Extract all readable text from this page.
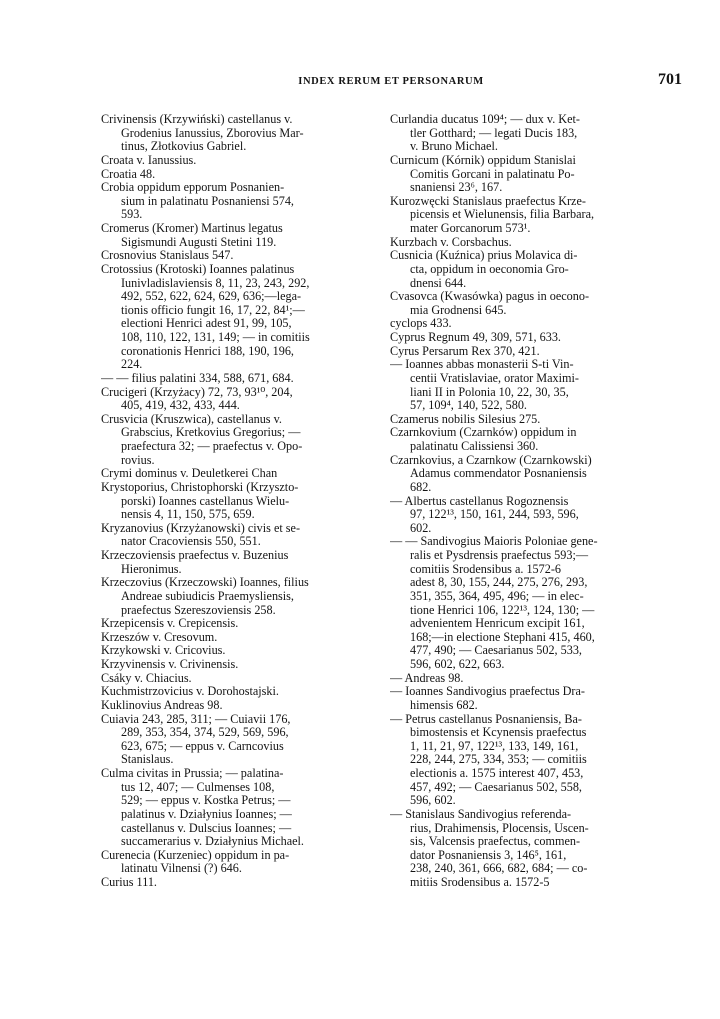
INDEX RERUM ET PERSONARUM	701
Crivinensis (Krzywiński) castellanus v.
Grodenius Ianussius, Zborovius Mar-
tinus, Złotkovius Gabriel.
Croata v. Ianussius.
Croatia 48.
Crobia oppidum epporum Posnanien-
sium in palatinatu Posnaniensi 574,
593.
Cromerus (Kromer) Martinus legatus
Sigismundi Augusti Stetini 119.
Crosnovius Stanislaus 547.
Crotossius (Krotoski) Ioannes palatinus
Iunivladislaviensis 8, 11, 23, 243, 292,
492, 552, 622, 624, 629, 636;—lega-
tionis officio fungit 16, 17, 22, 84¹;—
electioni Henrici adest 91, 99, 105,
108, 110, 122, 131, 149; — in comitiis
coronationis Henrici 188, 190, 196,
224.
— — filius palatini 334, 588, 671, 684.
Crucigeri (Krzyżacy) 72, 73, 93¹⁰, 204,
405, 419, 432, 433, 444.
Crusvicia (Kruszwica), castellanus v.
Grabscius, Kretkovius Gregorius; —
praefectura 32; — praefectus v. Opo-
rovius.
Crymi dominus v. Deuletkerei Chan
Krystoporius, Christophorski (Krzyszto-
porski) Ioannes castellanus Wielu-
nensis 4, 11, 150, 575, 659.
Kryzanovius (Krzyżanowski) civis et se-
nator Cracoviensis 550, 551.
Krzeczoviensis praefectus v. Buzenius
Hieronimus.
Krzeczovius (Krzeczowski) Ioannes, filius
Andreae subiudicis Praemysliensis,
praefectus Szereszoviensis 258.
Krzepicensis v. Crepicensis.
Krzeszów v. Cresovum.
Krzykowski v. Cricovius.
Krzyvinensis v. Crivinensis.
Csáky v. Chiacius.
Kuchmistrzovicius v. Dorohostajski.
Kuklinovius Andreas 98.
Cuiavia 243, 285, 311; — Cuiavii 176,
289, 353, 354, 374, 529, 569, 596,
623, 675; — eppus v. Carncovius
Stanislaus.
Culma civitas in Prussia; — palatina-
tus 12, 407; — Culmenses 108,
529; — eppus v. Kostka Petrus; —
palatinus v. Działynius Ioannes; —
castellanus v. Dulscius Ioannes; —
succamerarius v. Działynius Michael.
Curenecia (Kurzeniec) oppidum in pa-
latinatu Vilnensi (?) 646.
Curius 111.
Curlandia ducatus 109⁴; — dux v. Ket-
tler Gotthard; — legati Ducis 183,
v. Bruno Michael.
Curnicum (Kórnik) oppidum Stanislai
Comitis Gorcani in palatinatu Po-
snaniensi 23⁶, 167.
Kurozwęcki Stanislaus praefectus Krze-
picensis et Wielunensis, filia Barbara,
mater Gorcanorum 573¹.
Kurzbach v. Corsbachus.
Cusnicia (Kuźnica) prius Molavica di-
cta, oppidum in oeconomia Gro-
dnensi 644.
Cvasovca (Kwasówka) pagus in oecono-
mia Grodnensi 645.
cyclops 433.
Cyprus Regnum 49, 309, 571, 633.
Cyrus Persarum Rex 370, 421.
— Ioannes abbas monasterii S-ti Vin-
centii Vratislaviae, orator Maximi-
liani II in Polonia 10, 22, 30, 35,
57, 109⁴, 140, 522, 580.
Czamerus nobilis Silesius 275.
Czarnkovium (Czarnków) oppidum in
palatinatu Calissiensi 360.
Czarnkovius, a Czarnkow (Czarnkowski)
Adamus commendator Posnaniensis
682.
— Albertus castellanus Rogoznensis
97, 122¹³, 150, 161, 244, 593, 596,
602.
— — Sandivogius Maioris Poloniae gene-
ralis et Pysdrensis praefectus 593;—
comitiis Srodensibus a. 1572-6
adest 8, 30, 155, 244, 275, 276, 293,
351, 355, 364, 495, 496; — in elec-
tione Henrici 106, 122¹³, 124, 130; —
advenientem Henricum excipit 161,
168;—in electione Stephani 415, 460,
477, 490; — Caesarianus 502, 533,
596, 602, 622, 663.
— Andreas 98.
— Ioannes Sandivogius praefectus Dra-
himensis 682.
— Petrus castellanus Posnaniensis, Ba-
bimostensis et Kcynensis praefectus
1, 11, 21, 97, 122¹³, 133, 149, 161,
228, 244, 275, 334, 353; — comitiis
electionis a. 1575 interest 407, 453,
457, 492; — Caesarianus 502, 558,
596, 602.
— Stanislaus Sandivogius referenda-
rius, Drahimensis, Plocensis, Uscen-
sis, Valcensis praefectus, commen-
dator Posnaniensis 3, 146⁵, 161,
238, 240, 361, 666, 682, 684; — co-
mitiis Srodensibus a. 1572-5
